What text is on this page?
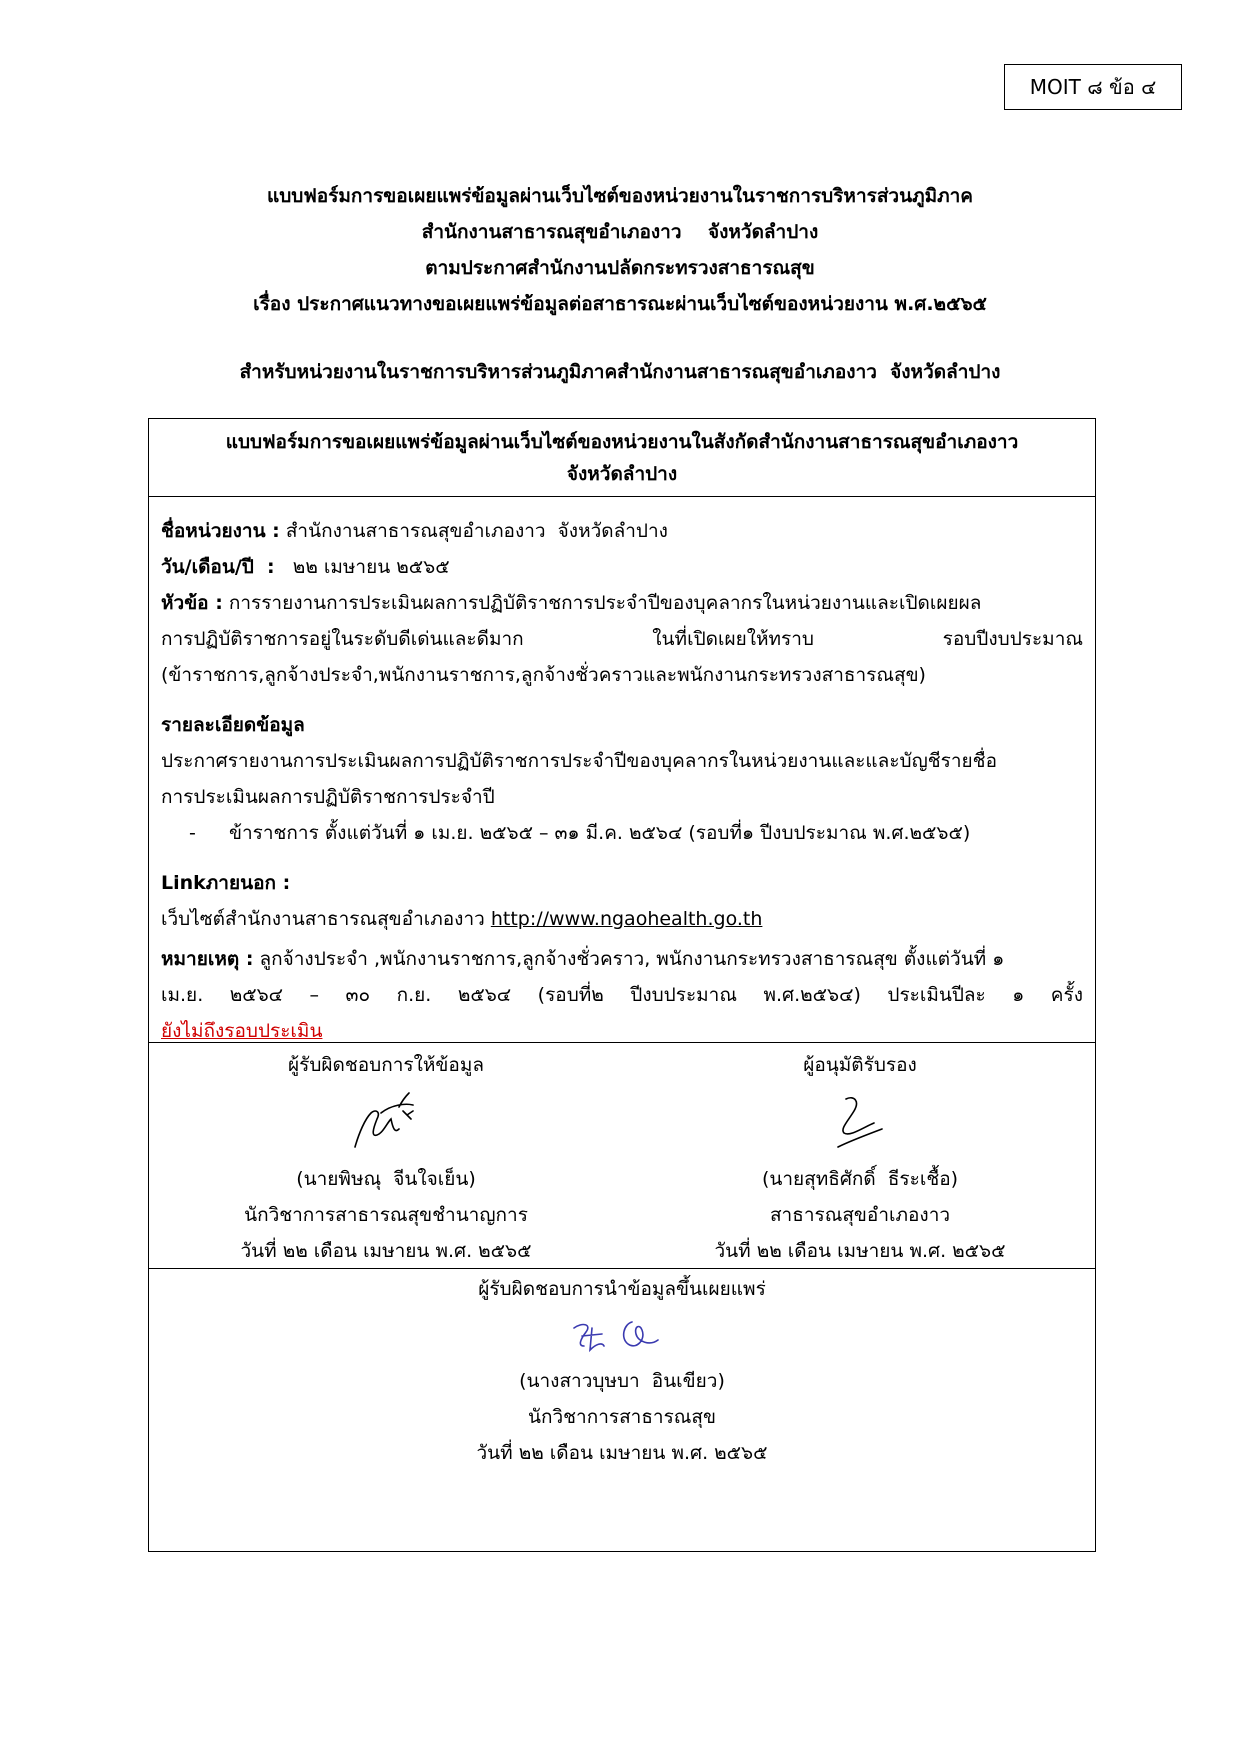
MOIT ๘ ข้อ ๔
แบบฟอร์มการขอเผยแพร่ข้อมูลผ่านเว็บไซต์ของหน่วยงานในราชการบริหารส่วนภูมิภาค
สำนักงานสาธารณสุขอำเภองาว    จังหวัดลำปาง
ตามประกาศสำนักงานปลัดกระทรวงสาธารณสุข
เรื่อง ประกาศแนวทางขอเผยแพร่ข้อมูลต่อสาธารณะผ่านเว็บไซต์ของหน่วยงาน พ.ศ.๒๕๖๕
สำหรับหน่วยงานในราชการบริหารส่วนภูมิภาคสำนักงานสาธารณสุขอำเภองาว  จังหวัดลำปาง
แบบฟอร์มการขอเผยแพร่ข้อมูลผ่านเว็บไซต์ของหน่วยงานในสังกัดสำนักงานสาธารณสุขอำเภองาว
จังหวัดลำปาง
ชื่อหน่วยงาน : สำนักงานสาธารณสุขอำเภองาว  จังหวัดลำปาง
วัน/เดือน/ปี  :   ๒๒ เมษายน ๒๕๖๕
หัวข้อ : การรายงานการประเมินผลการปฏิบัติราชการประจำปีของบุคลากรในหน่วยงานและเปิดเผยผล
การปฏิบัติราชการอยู่ในระดับดีเด่นและดีมาก ในที่เปิดเผยให้ทราบ รอบปีงบประมาณ
(ข้าราชการ,ลูกจ้างประจำ,พนักงานราชการ,ลูกจ้างชั่วคราวและพนักงานกระทรวงสาธารณสุข)
รายละเอียดข้อมูล
ประกาศรายงานการประเมินผลการปฏิบัติราชการประจำปีของบุคลากรในหน่วยงานและและบัญชีรายชื่อ
การประเมินผลการปฏิบัติราชการประจำปี
- ข้าราชการ ตั้งแต่วันที่ ๑ เม.ย. ๒๕๖๕ – ๓๑ มี.ค. ๒๕๖๔ (รอบที่๑ ปีงบประมาณ พ.ศ.๒๕๖๕)
Linkภายนอก :
เว็บไซต์สำนักงานสาธารณสุขอำเภองาว http://www.ngaohealth.go.th
หมายเหตุ : ลูกจ้างประจำ ,พนักงานราชการ,ลูกจ้างชั่วคราว, พนักงานกระทรวงสาธารณสุข ตั้งแต่วันที่ ๑
เม.ย. ๒๕๖๔ – ๓๐ ก.ย. ๒๕๖๔ (รอบที่๒ ปีงบประมาณ พ.ศ.๒๕๖๔) ประเมินปีละ ๑ ครั้ง
ยังไม่ถึงรอบประเมิน
ผู้รับผิดชอบการให้ข้อมูล
(นายพิษณุ  จีนใจเย็น)
นักวิชาการสาธารณสุขชำนาญการ
วันที่ ๒๒ เดือน เมษายน พ.ศ. ๒๕๖๕
ผู้อนุมัติรับรอง
(นายสุทธิศักดิ์  ธีระเชื้อ)
สาธารณสุขอำเภองาว
วันที่ ๒๒ เดือน เมษายน พ.ศ. ๒๕๖๕
ผู้รับผิดชอบการนำข้อมูลขึ้นเผยแพร่
(นางสาวบุษบา  อินเขียว)
นักวิชาการสาธารณสุข
วันที่ ๒๒ เดือน เมษายน พ.ศ. ๒๕๖๕
